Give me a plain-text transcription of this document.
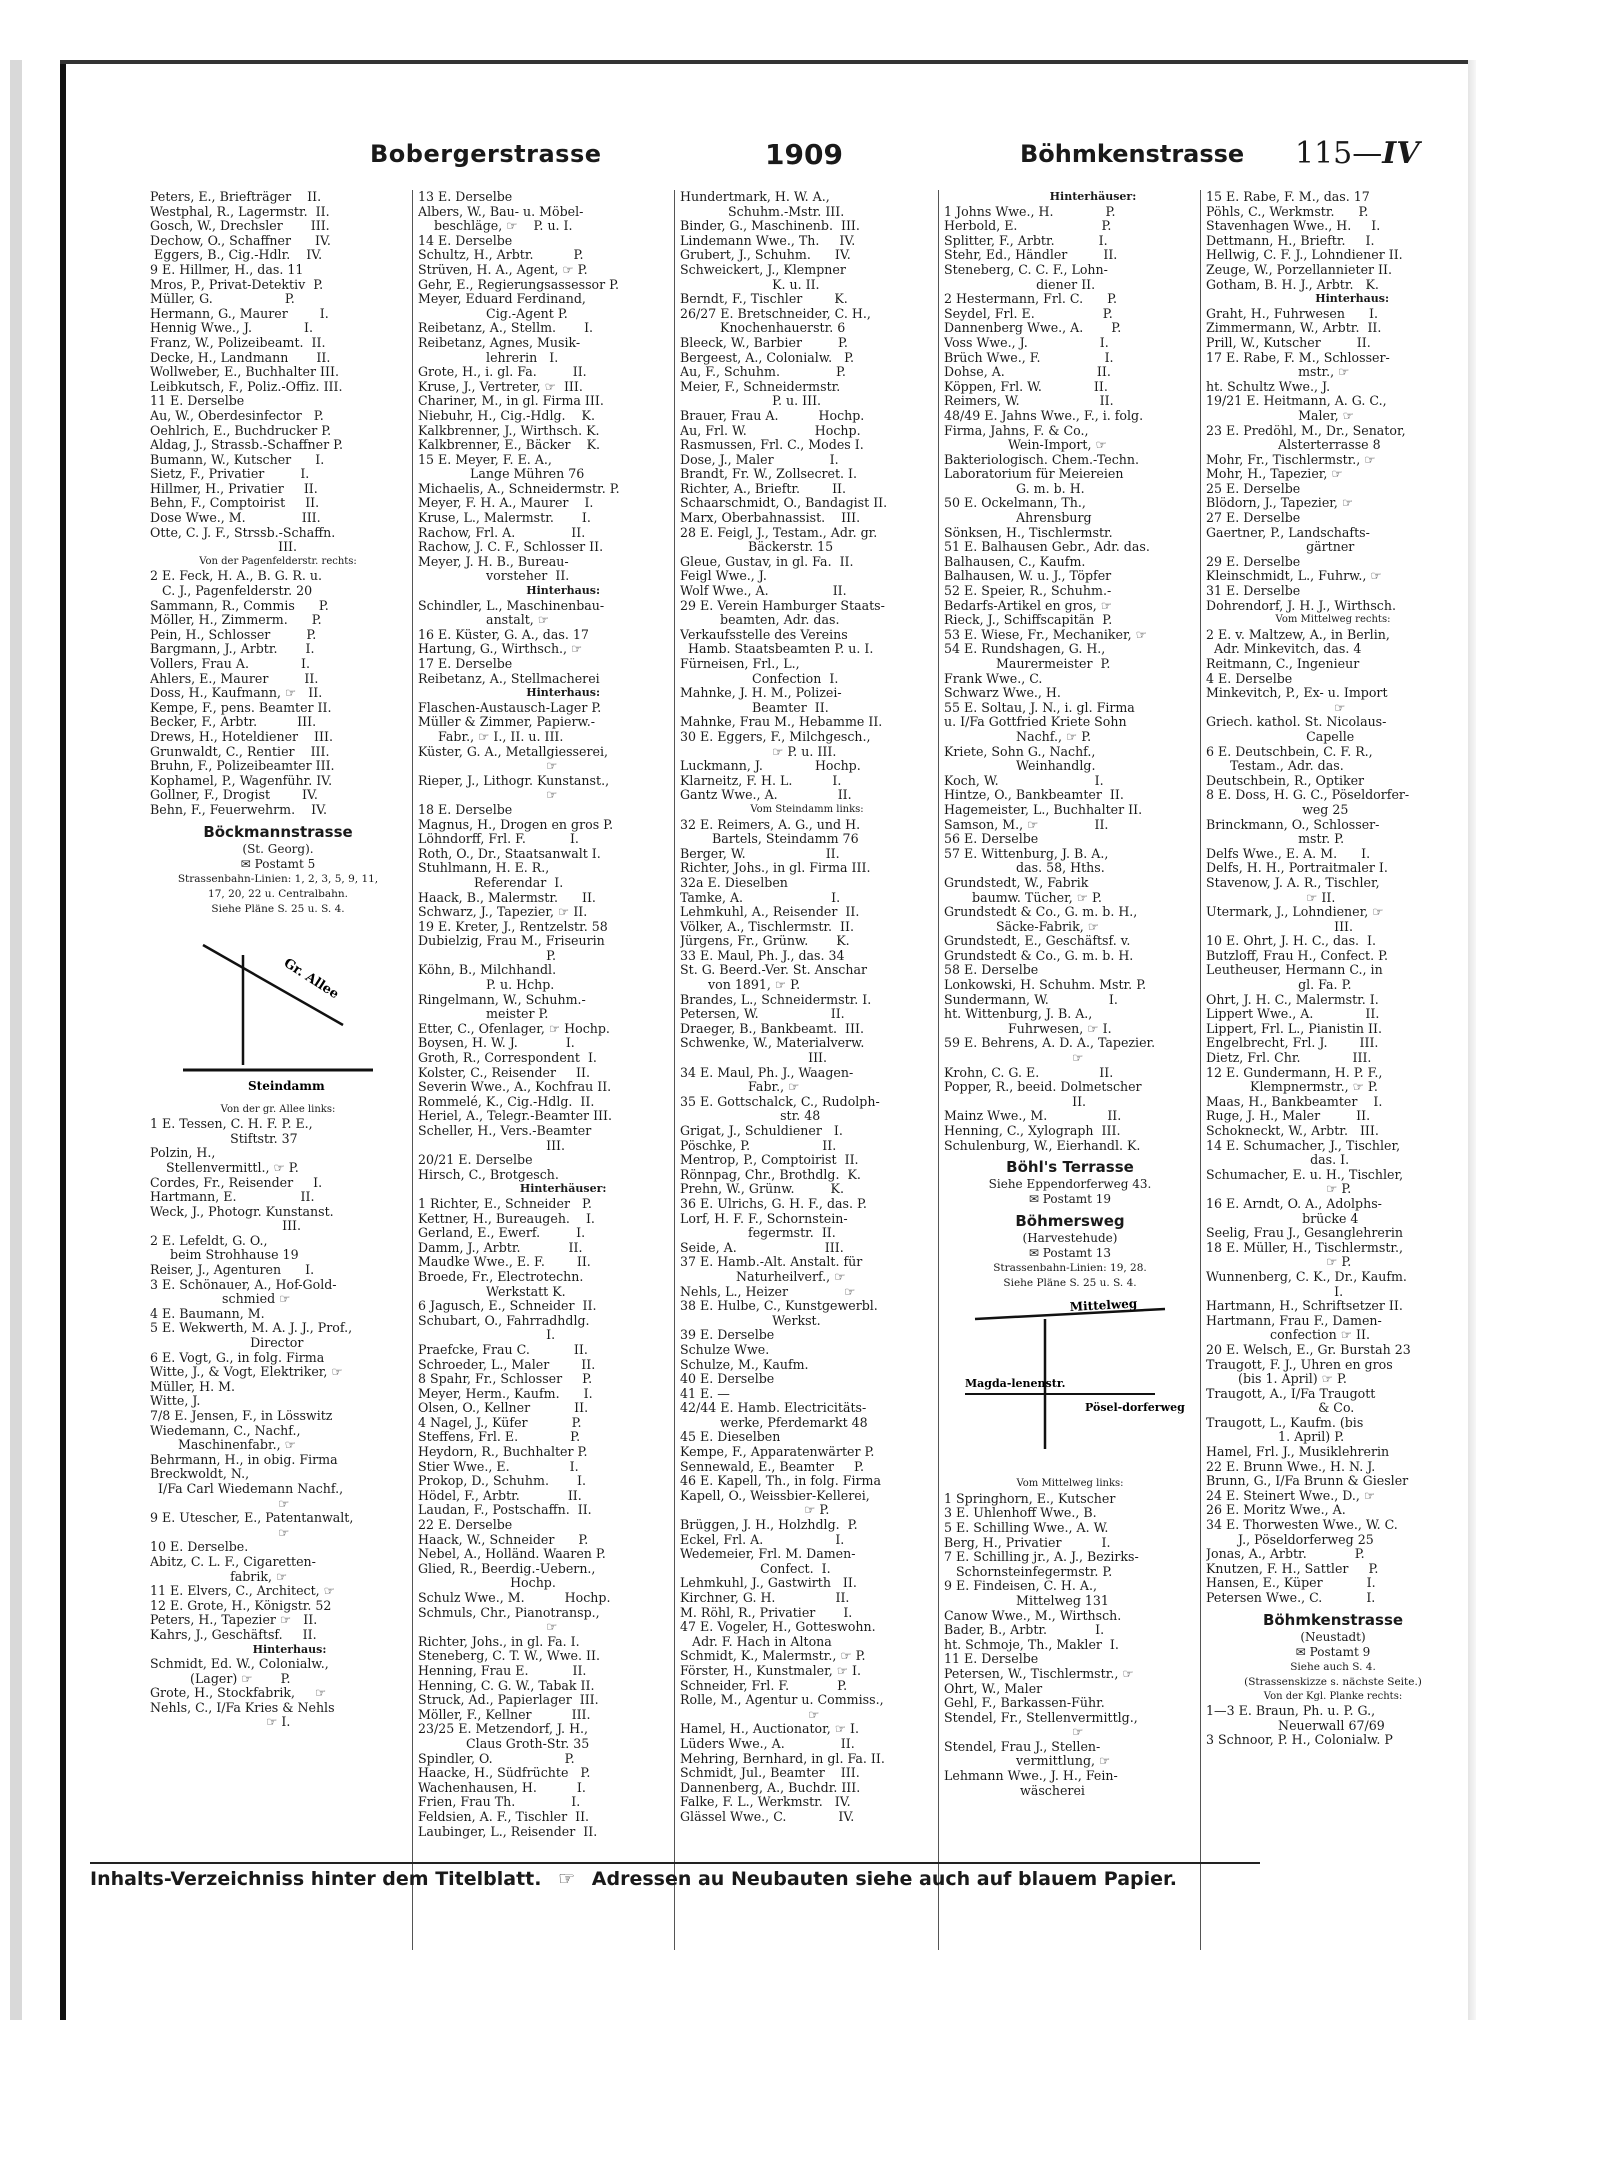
Bobergerstrasse	1909	Böhmkenstrasse 115—IV
Peters, E., Briefträger    II.
Westphal, R., Lagermstr.  II.
Gosch, W., Drechsler       III.
Dechow, O., Schaffner      IV.
Eggers, B., Cig.-Hdlr.    IV.
9 E. Hillmer, H., das. 11
Mros, P., Privat-Detektiv  P.
Müller, G.                  P.
Hermann, G., Maurer        I.
Hennig Wwe., J.             I.
Franz, W., Polizeibeamt.  II.
Decke, H., Landmann       II.
Wollweber, E., Buchhalter III.
Leibkutsch, F., Poliz.-Offiz. III.
11 E. Derselbe
Au, W., Oberdesinfector   P.
Oehlrich, E., Buchdrucker P.
Aldag, J., Strassb.-Schaffner P.
Bumann, W., Kutscher      I.
Sietz, F., Privatier         I.
Hillmer, H., Privatier     II.
Behn, F., Comptoirist     II.
Dose Wwe., M.              III.
Otte, C. J. F., Strssb.-Schaffn.
III.
Von der Pagenfelderstr. rechts:
2 E. Feck, H. A., B. G. R. u.
C. J., Pagenfelderstr. 20
Sammann, R., Commis      P.
Möller, H., Zimmerm.      P.
Pein, H., Schlosser         P.
Bargmann, J., Arbtr.       I.
Vollers, Frau A.             I.
Ahlers, E., Maurer         II.
Doss, H., Kaufmann, ☞   II.
Kempe, F., pens. Beamter II.
Becker, F., Arbtr.          III.
Drews, H., Hoteldiener    III.
Grunwaldt, C., Rentier    III.
Bruhn, F., Polizeibeamter III.
Kophamel, P., Wagenführ. IV.
Gollner, F., Drogist        IV.
Behn, F., Feuerwehrm.    IV.
Böckmannstrasse
(St. Georg).
✉ Postamt 5
Strassenbahn-Linien: 1, 2, 3, 5, 9, 11,
17, 20, 22 u. Centralbahn.
Siehe Pläne S. 25 u. S. 4.
Gr. Allee
Steindamm
Von der gr. Allee links:
1 E. Tessen, C. H. F. P. E.,
Stiftstr. 37
Polzin, H.,
Stellenvermittl., ☞ P.
Cordes, Fr., Reisender     I.
Hartmann, E.                II.
Weck, J., Photogr. Kunstanst.
III.
2 E. Lefeldt, G. O.,
beim Strohhause 19
Reiser, J., Agenturen      I.
3 E. Schönauer, A., Hof-Gold-
schmied ☞
4 E. Baumann, M.
5 E. Wekwerth, M. A. J. J., Prof.,
Director
6 E. Vogt, G., in folg. Firma
Witte, J., & Vogt, Elektriker, ☞
Müller, H. M.
Witte, J.
7/8 E. Jensen, F., in Lösswitz
Wiedemann, C., Nachf.,
Maschinenfabr., ☞
Behrmann, H., in obig. Firma
Breckwoldt, N.,
I/Fa Carl Wiedemann Nachf.,
☞
9 E. Utescher, E., Patentanwalt,
☞
10 E. Derselbe.
Abitz, C. L. F., Cigaretten-
fabrik, ☞
11 E. Elvers, C., Architect, ☞
12 E. Grote, H., Königstr. 52
Peters, H., Tapezier ☞   II.
Kahrs, J., Geschäftsf.     II.
Hinterhaus:
Schmidt, Ed. W., Colonialw.,
(Lager) ☞       P.
Grote, H., Stockfabrik,     ☞
Nehls, C., I/Fa Kries & Nehls
☞ I.
13 E. Derselbe
Albers, W., Bau- u. Möbel-
beschläge, ☞    P. u. I.
14 E. Derselbe
Schultz, H., Arbtr.          P.
Strüven, H. A., Agent, ☞ P.
Gehr, E., Regierungsassessor P.
Meyer, Eduard Ferdinand,
Cig.-Agent P.
Reibetanz, A., Stellm.       I.
Reibetanz, Agnes, Musik-
lehrerin   I.
Grote, H., i. gl. Fa.         II.
Kruse, J., Vertreter, ☞  III.
Chariner, M., in gl. Firma III.
Niebuhr, H., Cig.-Hdlg.    K.
Kalkbrenner, J., Wirthsch. K.
Kalkbrenner, E., Bäcker    K.
15 E. Meyer, F. E. A.,
Lange Mühren 76
Michaelis, A., Schneidermstr. P.
Meyer, F. H. A., Maurer    I.
Kruse, L., Malermstr.       I.
Rachow, Frl. A.              II.
Rachow, J. C. F., Schlosser II.
Meyer, J. H. B., Bureau-
vorsteher  II.
Hinterhaus:
Schindler, L., Maschinenbau-
anstalt, ☞
16 E. Küster, G. A., das. 17
Hartung, G., Wirthsch., ☞
17 E. Derselbe
Reibetanz, A., Stellmacherei
Hinterhaus:
Flaschen-Austausch-Lager P.
Müller & Zimmer, Papierw.-
Fabr., ☞ I., II. u. III.
Küster, G. A., Metallgiesserei,
☞
Rieper, J., Lithogr. Kunstanst.,
☞
18 E. Derselbe
Magnus, H., Drogen en gros P.
Löhndorff, Frl. F.           I.
Roth, O., Dr., Staatsanwalt I.
Stuhlmann, H. E. R.,
Referendar  I.
Haack, B., Malermstr.      II.
Schwarz, J., Tapezier, ☞ II.
19 E. Kreter, J., Rentzelstr. 58
Dubielzig, Frau M., Friseurin
P.
Köhn, B., Milchhandl.
P. u. Hchp.
Ringelmann, W., Schuhm.-
meister P.
Etter, C., Ofenlager, ☞ Hochp.
Boysen, H. W. J.            I.
Groth, R., Correspondent  I.
Kolster, C., Reisender     II.
Severin Wwe., A., Kochfrau II.
Rommelé, K., Cig.-Hdlg.  II.
Heriel, A., Telegr.-Beamter III.
Scheller, H., Vers.-Beamter
III.
20/21 E. Derselbe
Hirsch, C., Brotgesch.
Hinterhäuser:
1 Richter, E., Schneider   P.
Kettner, H., Bureaugeh.    I.
Gerland, E., Ewerf.         I.
Damm, J., Arbtr.            II.
Maudke Wwe., E. F.        II.
Broede, Fr., Electrotechn.
Werkstatt K.
6 Jagusch, E., Schneider  II.
Schubart, O., Fahrradhdlg.
I.
Praefcke, Frau C.           II.
Schroeder, L., Maler        II.
8 Spahr, Fr., Schlosser     P.
Meyer, Herm., Kaufm.      I.
Olsen, O., Kellner           II.
4 Nagel, J., Küfer           P.
Steffens, Frl. E.             P.
Heydorn, R., Buchhalter P.
Stier Wwe., E.               I.
Prokop, D., Schuhm.       I.
Hödel, F., Arbtr.            II.
Laudan, F., Postschaffn.  II.
22 E. Derselbe
Haack, W., Schneider      P.
Nebel, A., Holländ. Waaren P.
Glied, R., Beerdig.-Uebern.,
Hochp.
Schulz Wwe., M.          Hochp.
Schmuls, Chr., Pianotransp.,
☞
Richter, Johs., in gl. Fa. I.
Steneberg, C. T. W., Wwe. II.
Henning, Frau E.           II.
Henning, C. G. W., Tabak II.
Struck, Ad., Papierlager  III.
Möller, F., Kellner          III.
23/25 E. Metzendorf, J. H.,
Claus Groth-Str. 35
Spindler, O.                  P.
Haacke, H., Südfrüchte   P.
Wachenhausen, H.          I.
Frien, Frau Th.              I.
Feldsien, A. F., Tischler  II.
Laubinger, L., Reisender  II.
Hundertmark, H. W. A.,
Schuhm.-Mstr. III.
Binder, G., Maschinenb.  III.
Lindemann Wwe., Th.     IV.
Grubert, J., Schuhm.      IV.
Schweickert, J., Klempner
K. u. II.
Berndt, F., Tischler        K.
26/27 E. Bretschneider, C. H.,
Knochenhauerstr. 6
Bleeck, W., Barbier         P.
Bergeest, A., Colonialw.   P.
Au, F., Schuhm.              P.
Meier, F., Schneidermstr.
P. u. III.
Brauer, Frau A.          Hochp.
Au, Frl. W.                 Hochp.
Rasmussen, Frl. C., Modes I.
Dose, J., Maler              I.
Brandt, Fr. W., Zollsecret. I.
Richter, A., Brieftr.        II.
Schaarschmidt, O., Bandagist II.
Marx, Oberbahnassist.    III.
28 E. Feigl, J., Testam., Adr. gr.
Bäckerstr. 15
Gleue, Gustav, in gl. Fa.  II.
Feigl Wwe., J.
Wolf Wwe., A.                II.
29 E. Verein Hamburger Staats-
beamten, Adr. das.
Verkaufsstelle des Vereins
Hamb. Staatsbeamten P. u. I.
Fürneisen, Frl., L.,
Confection  I.
Mahnke, J. H. M., Polizei-
Beamter  II.
Mahnke, Frau M., Hebamme II.
30 E. Eggers, F., Milchgesch.,
☞ P. u. III.
Luckmann, J.             Hochp.
Klarneitz, F. H. L.          I.
Gantz Wwe., A.               II.
Vom Steindamm links:
32 E. Reimers, A. G., und H.
Bartels, Steindamm 76
Berger, W.                    II.
Richter, Johs., in gl. Firma III.
32a E. Dieselben
Tamke, A.                      I.
Lehmkuhl, A., Reisender  II.
Völker, A., Tischlermstr.  II.
Jürgens, Fr., Grünw.       K.
33 E. Maul, Ph. J., das. 34
St. G. Beerd.-Ver. St. Anschar
von 1891, ☞ P.
Brandes, L., Schneidermstr. I.
Petersen, W.                  II.
Draeger, B., Bankbeamt.  III.
Schwenke, W., Materialverw.
III.
34 E. Maul, Ph. J., Waagen-
Fabr., ☞
35 E. Gottschalck, C., Rudolph-
str. 48
Grigat, J., Schuldiener   I.
Pöschke, P.                  II.
Mentrop, P., Comptoirist  II.
Rönnpag, Chr., Brothdlg.  K.
Prehn, W., Grünw.         K.
36 E. Ulrichs, G. H. F., das. P.
Lorf, H. F. F., Schornstein-
fegermstr.  II.
Seide, A.                      III.
37 E. Hamb.-Alt. Anstalt. für
Naturheilverf., ☞
Nehls, L., Heizer              ☞
38 E. Hulbe, C., Kunstgewerbl.
Werkst.
39 E. Derselbe
Schulze Wwe.
Schulze, M., Kaufm.
40 E. Derselbe
41 E. —
42/44 E. Hamb. Electricitäts-
werke, Pferdemarkt 48
45 E. Dieselben
Kempe, F., Apparatenwärter P.
Sennewald, E., Beamter     P.
46 E. Kapell, Th., in folg. Firma
Kapell, O., Weissbier-Kellerei,
☞ P.
Brüggen, J. H., Holzhdlg.  P.
Eckel, Frl. A.                  I.
Wedemeier, Frl. M. Damen-
Confect.  I.
Lehmkuhl, J., Gastwirth   II.
Kirchner, G. H.               II.
M. Röhl, R., Privatier       I.
47 E. Vogeler, H., Gotteswohn.
Adr. F. Hach in Altona
Schmidt, K., Malermstr., ☞ P.
Förster, H., Kunstmaler, ☞ I.
Schneider, Frl. F.            P.
Rolle, M., Agentur u. Commiss.,
☞
Hamel, H., Auctionator, ☞ I.
Lüders Wwe., A.              II.
Mehring, Bernhard, in gl. Fa. II.
Schmidt, Jul., Beamter    III.
Dannenberg, A., Buchdr. III.
Falke, F. L., Werkmstr.   IV.
Glässel Wwe., C.             IV.
Hinterhäuser:
1 Johns Wwe., H.             P.
Herbold, E.                     P.
Splitter, F., Arbtr.           I.
Stehr, Ed., Händler         II.
Steneberg, C. C. F., Lohn-
diener II.
2 Hestermann, Frl. C.      P.
Seydel, Frl. E.                 P.
Dannenberg Wwe., A.       P.
Voss Wwe., J.                  I.
Brüch Wwe., F.                I.
Dohse, A.                       II.
Köppen, Frl. W.             II.
Reimers, W.                    II.
48/49 E. Jahns Wwe., F., i. folg.
Firma, Jahns, F. & Co.,
Wein-Import, ☞
Bakteriologisch. Chem.-Techn.
Laboratorium für Meiereien
G. m. b. H.
50 E. Ockelmann, Th.,
Ahrensburg
Sönksen, H., Tischlermstr.
51 E. Balhausen Gebr., Adr. das.
Balhausen, C., Kaufm.
Balhausen, W. u. J., Töpfer
52 E. Speier, R., Schuhm.-
Bedarfs-Artikel en gros, ☞
Rieck, J., Schiffscapitän  P.
53 E. Wiese, Fr., Mechaniker, ☞
54 E. Rundshagen, G. H.,
Maurermeister  P.
Frank Wwe., C.
Schwarz Wwe., H.
55 E. Soltau, J. N., i. gl. Firma
u. I/Fa Gottfried Kriete Sohn
Nachf., ☞ P.
Kriete, Sohn G., Nachf.,
Weinhandlg.
Koch, W.                        I.
Hintze, O., Bankbeamter  II.
Hagemeister, L., Buchhalter II.
Samson, M., ☞              II.
56 E. Derselbe
57 E. Wittenburg, J. B. A.,
das. 58, Hths.
Grundstedt, W., Fabrik
baumw. Tücher, ☞ P.
Grundstedt & Co., G. m. b. H.,
Säcke-Fabrik, ☞
Grundstedt, E., Geschäftsf. v.
Grundstedt & Co., G. m. b. H.
58 E. Derselbe
Lonkowski, H. Schuhm. Mstr. P.
Sundermann, W.               I.
ht. Wittenburg, J. B. A.,
Fuhrwesen, ☞ I.
59 E. Behrens, A. D. A., Tapezier.
☞
Krohn, C. G. E.               II.
Popper, R., beeid. Dolmetscher
II.
Mainz Wwe., M.               II.
Henning, C., Xylograph  III.
Schulenburg, W., Eierhandl. K.
Böhl's Terrasse
Siehe Eppendorferweg 43.
✉ Postamt 19
Böhmersweg
(Harvestehude)
✉ Postamt 13
Strassenbahn-Linien: 19, 28.
Siehe Pläne S. 25 u. S. 4.
Mittelweg
Magda-lenenstr.
Pösel-dorferweg
Vom Mittelweg links:
1 Springhorn, E., Kutscher
3 E. Uhlenhoff Wwe., B.
5 E. Schilling Wwe., A. W.
Berg, H., Privatier          I.
7 E. Schilling jr., A. J., Bezirks-
Schornsteinfegermstr. P.
9 E. Findeisen, C. H. A.,
Mittelweg 131
Canow Wwe., M., Wirthsch.
Bader, B., Arbtr.            I.
ht. Schmoje, Th., Makler  I.
11 E. Derselbe
Petersen, W., Tischlermstr., ☞
Ohrt, W., Maler
Gehl, F., Barkassen-Führ.
Stendel, Fr., Stellenvermittlg.,
☞
Stendel, Frau J., Stellen-
vermittlung, ☞
Lehmann Wwe., J. H., Fein-
wäscherei
15 E. Rabe, F. M., das. 17
Pöhls, C., Werkmstr.      P.
Stavenhagen Wwe., H.     I.
Dettmann, H., Brieftr.     I.
Hellwig, C. F. J., Lohndiener II.
Zeuge, W., Porzellannieter II.
Gotham, B. H. J., Arbtr.   K.
Hinterhaus:
Graht, H., Fuhrwesen      I.
Zimmermann, W., Arbtr.  II.
Prill, W., Kutscher         II.
17 E. Rabe, F. M., Schlosser-
mstr., ☞
ht. Schultz Wwe., J.
19/21 E. Heitmann, A. G. C.,
Maler, ☞
23 E. Predöhl, M., Dr., Senator,
Alsterterrasse 8
Mohr, Fr., Tischlermstr., ☞
Mohr, H., Tapezier, ☞
25 E. Derselbe
Blödorn, J., Tapezier, ☞
27 E. Derselbe
Gaertner, P., Landschafts-
gärtner
29 E. Derselbe
Kleinschmidt, L., Fuhrw., ☞
31 E. Derselbe
Dohrendorf, J. H. J., Wirthsch.
Vom Mittelweg rechts:
2 E. v. Maltzew, A., in Berlin,
Adr. Minkevitch, das. 4
Reitmann, C., Ingenieur
4 E. Derselbe
Minkevitch, P., Ex- u. Import
☞
Griech. kathol. St. Nicolaus-
Capelle
6 E. Deutschbein, C. F. R.,
Testam., Adr. das.
Deutschbein, R., Optiker
8 E. Doss, H. G. C., Pöseldorfer-
weg 25
Brinckmann, O., Schlosser-
mstr. P.
Delfs Wwe., E. A. M.      I.
Delfs, H. H., Portraitmaler I.
Stavenow, J. A. R., Tischler,
☞ II.
Utermark, J., Lohndiener, ☞
III.
10 E. Ohrt, J. H. C., das.  I.
Butzloff, Frau H., Confect. P.
Leutheuser, Hermann C., in
gl. Fa. P.
Ohrt, J. H. C., Malermstr. I.
Lippert Wwe., A.             II.
Lippert, Frl. L., Pianistin II.
Engelbrecht, Frl. J.        III.
Dietz, Frl. Chr.             III.
12 E. Gundermann, H. P. F.,
Klempnermstr., ☞ P.
Maas, H., Bankbeamter    I.
Ruge, J. H., Maler         II.
Schokneckt, W., Arbtr.   III.
14 E. Schumacher, J., Tischler,
das. I.
Schumacher, E. u. H., Tischler,
☞ P.
16 E. Arndt, O. A., Adolphs-
brücke 4
Seelig, Frau J., Gesanglehrerin
18 E. Müller, H., Tischlermstr.,
☞ P.
Wunnenberg, C. K., Dr., Kaufm.
I.
Hartmann, H., Schriftsetzer II.
Hartmann, Frau F., Damen-
confection ☞ II.
20 E. Welsch, E., Gr. Burstah 23
Traugott, F. J., Uhren en gros
(bis 1. April) ☞ P.
Traugott, A., I/Fa Traugott
& Co.
Traugott, L., Kaufm. (bis
1. April) P.
Hamel, Frl. J., Musiklehrerin
22 E. Brunn Wwe., H. N. J.
Brunn, G., I/Fa Brunn & Giesler
24 E. Steinert Wwe., D., ☞
26 E. Moritz Wwe., A.
34 E. Thorwesten Wwe., W. C.
J., Pöseldorferweg 25
Jonas, A., Arbtr.            P.
Knutzen, F. H., Sattler     P.
Hansen, E., Küper           I.
Petersen Wwe., C.           I.
Böhmkenstrasse
(Neustadt)
✉ Postamt 9
Siehe auch S. 4.
(Strassenskizze s. nächste Seite.)
Von der Kgl. Planke rechts:
1—3 E. Braun, Ph. u. P. G.,
Neuerwall 67/69
3 Schnoor, P. H., Colonialw. P
Inhalts-Verzeichniss hinter dem Titelblatt. ☞ Adressen au Neubauten siehe auch auf blauem Papier.
